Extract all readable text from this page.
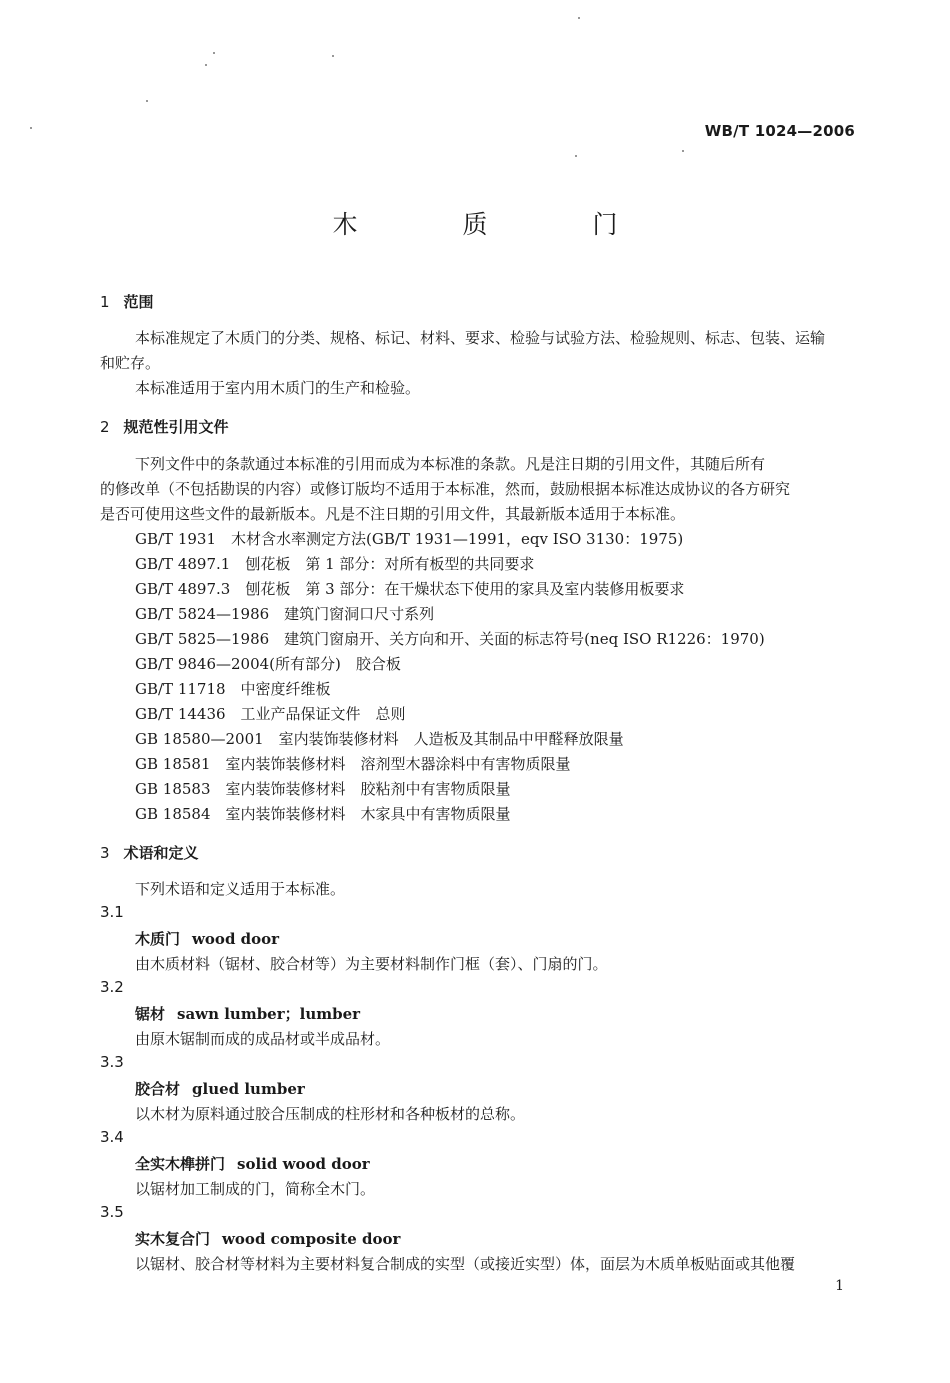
WB/T 1024—2006
木　质　门
1 范围
本标准规定了木质门的分类、规格、标记、材料、要求、检验与试验方法、检验规则、标志、包装、运输
和贮存。
本标准适用于室内用木质门的生产和检验。
2 规范性引用文件
下列文件中的条款通过本标准的引用而成为本标准的条款。凡是注日期的引用文件，其随后所有
的修改单（不包括勘误的内容）或修订版均不适用于本标准，然而，鼓励根据本标准达成协议的各方研究
是否可使用这些文件的最新版本。凡是不注日期的引用文件，其最新版本适用于本标准。
GB/T 1931　木材含水率测定方法(GB/T 1931—1991，eqv ISO 3130：1975)
GB/T 4897.1　刨花板　第 1 部分：对所有板型的共同要求
GB/T 4897.3　刨花板　第 3 部分：在干燥状态下使用的家具及室内装修用板要求
GB/T 5824—1986　建筑门窗洞口尺寸系列
GB/T 5825—1986　建筑门窗扇开、关方向和开、关面的标志符号(neq ISO R1226：1970)
GB/T 9846—2004(所有部分)　胶合板
GB/T 11718　中密度纤维板
GB/T 14436　工业产品保证文件　总则
GB 18580—2001　室内装饰装修材料　人造板及其制品中甲醛释放限量
GB 18581　室内装饰装修材料　溶剂型木器涂料中有害物质限量
GB 18583　室内装饰装修材料　胶粘剂中有害物质限量
GB 18584　室内装饰装修材料　木家具中有害物质限量
3 术语和定义
下列术语和定义适用于本标准。
3.1
木质门 wood door
由木质材料（锯材、胶合材等）为主要材料制作门框（套）、门扇的门。
3.2
锯材 sawn lumber；lumber
由原木锯制而成的成品材或半成品材。
3.3
胶合材 glued lumber
以木材为原料通过胶合压制成的柱形材和各种板材的总称。
3.4
全实木榫拼门 solid wood door
以锯材加工制成的门，简称全木门。
3.5
实木复合门 wood composite door
以锯材、胶合材等材料为主要材料复合制成的实型（或接近实型）体，面层为木质单板贴面或其他覆
1
